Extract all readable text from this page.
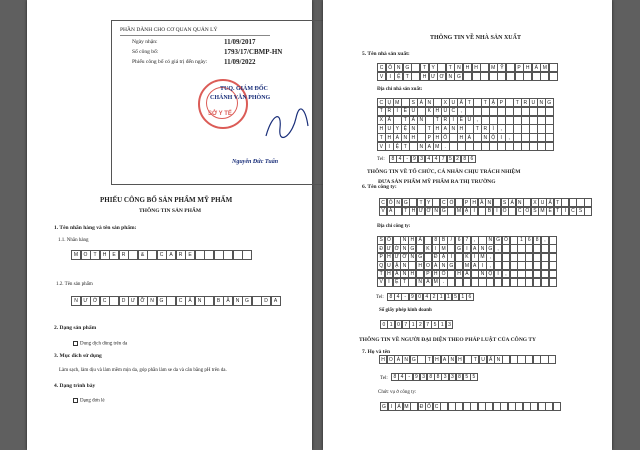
PHẦN DÀNH CHO CƠ QUAN QUẢN LÝ
Ngày nhận:	11/09/2017
Số công bố:	1793/17/CBMP-HN
Phiếu công bố có giá trị đến ngày: 11/09/2022
SỞ Y TẾ
TUQ. GIÁM ĐỐC
CHÁNH VĂN PHÒNG
Nguyễn Đức Tuấn
PHIẾU CÔNG BỐ SẢN PHẨM MỸ PHẨM
THÔNG TIN SẢN PHẨM
1. Tên nhãn hàng và tên sản phẩm:
1.1. Nhãn hàng
M	O	T	H	E	R	&	C	A	R	E
1.2. Tên sản phẩm
N	Ư	Ớ	C	D	Ư	Ỡ	N	G	C	Â	N	B	Ằ	N	G	D	A
2. Dạng sản phẩm
Dung dịch dùng trên da
3. Mục đích sử dụng
Làm sạch, làm dịu và làm mềm mịn da, góp phần làm se da và cân bằng pH trên da.
4. Dạng trình bày
Dạng đơn lẻ
THÔNG TIN VỀ NHÀ SẢN XUẤT
5. Tên nhà sản xuất:
C Ô N G	T	Y	T	N H H	M Ỹ	P	H	Ẩ M
V	I	Ệ	T	H Ư Ơ N G
Địa chỉ nhà sản xuất:
C Ụ M	S Ả N	X U Ấ T	T Ậ P	T R U N G
T R	I	Ề U	K H Ú C	,
X Ã	T Â N	T R	I	Ề U	,
H U Y Ệ N	T H A N H	T R	Ì	,
T H À N H	P H Ố	H À	N Ộ	I	,
V	I	Ệ T	N A M	.
Tel:	8 4 - 9 3 4 4 7 5 2 8 6
THÔNG TIN VỀ TỔ CHỨC, CÁ NHÂN CHỊU TRÁCH NHIỆM
ĐƯA SẢN PHẨM MỸ PHẨM RA THỊ TRƯỜNG
6. Tên công ty:
C Ô N G	T Y	C Ổ	P H Ầ N	S Ả N	X U Ấ T
V À	T H Ư Ơ N G	M Ạ	I	B	I O	C O S M E T	I	C S
Địa chỉ công ty:
S Ố	N H À	8 B	/	6	7	,	N G Õ	1	6	8	,
Đ Ư Ờ N G	K	I	M	G	I	A N G	,
P H Ư Ờ N G	Đ Ạ	I	K	I	M	,
Q U Ậ N	H O À N G	M A	I	,
T H À N H	P H Ố	H À	N Ộ	I	,
V	I	Ệ T	N A M	.
Tel:	8 4 - 9 0 4 2 1 1 5 1 6
Số giấy phép kinh doanh
0 1 0 7 1 2 7 5 1 3
THÔNG TIN VỀ NGƯỜI ĐẠI DIỆN THEO PHÁP LUẬT CỦA CÔNG TY
7. Họ và tên
H O À N G	T H A N H	T U Ấ N
Tel:	8 4 - 9 3 8 8 3 3 8 5 5
Chức vụ ở công ty:
G I	Á M	Đ Ố C
